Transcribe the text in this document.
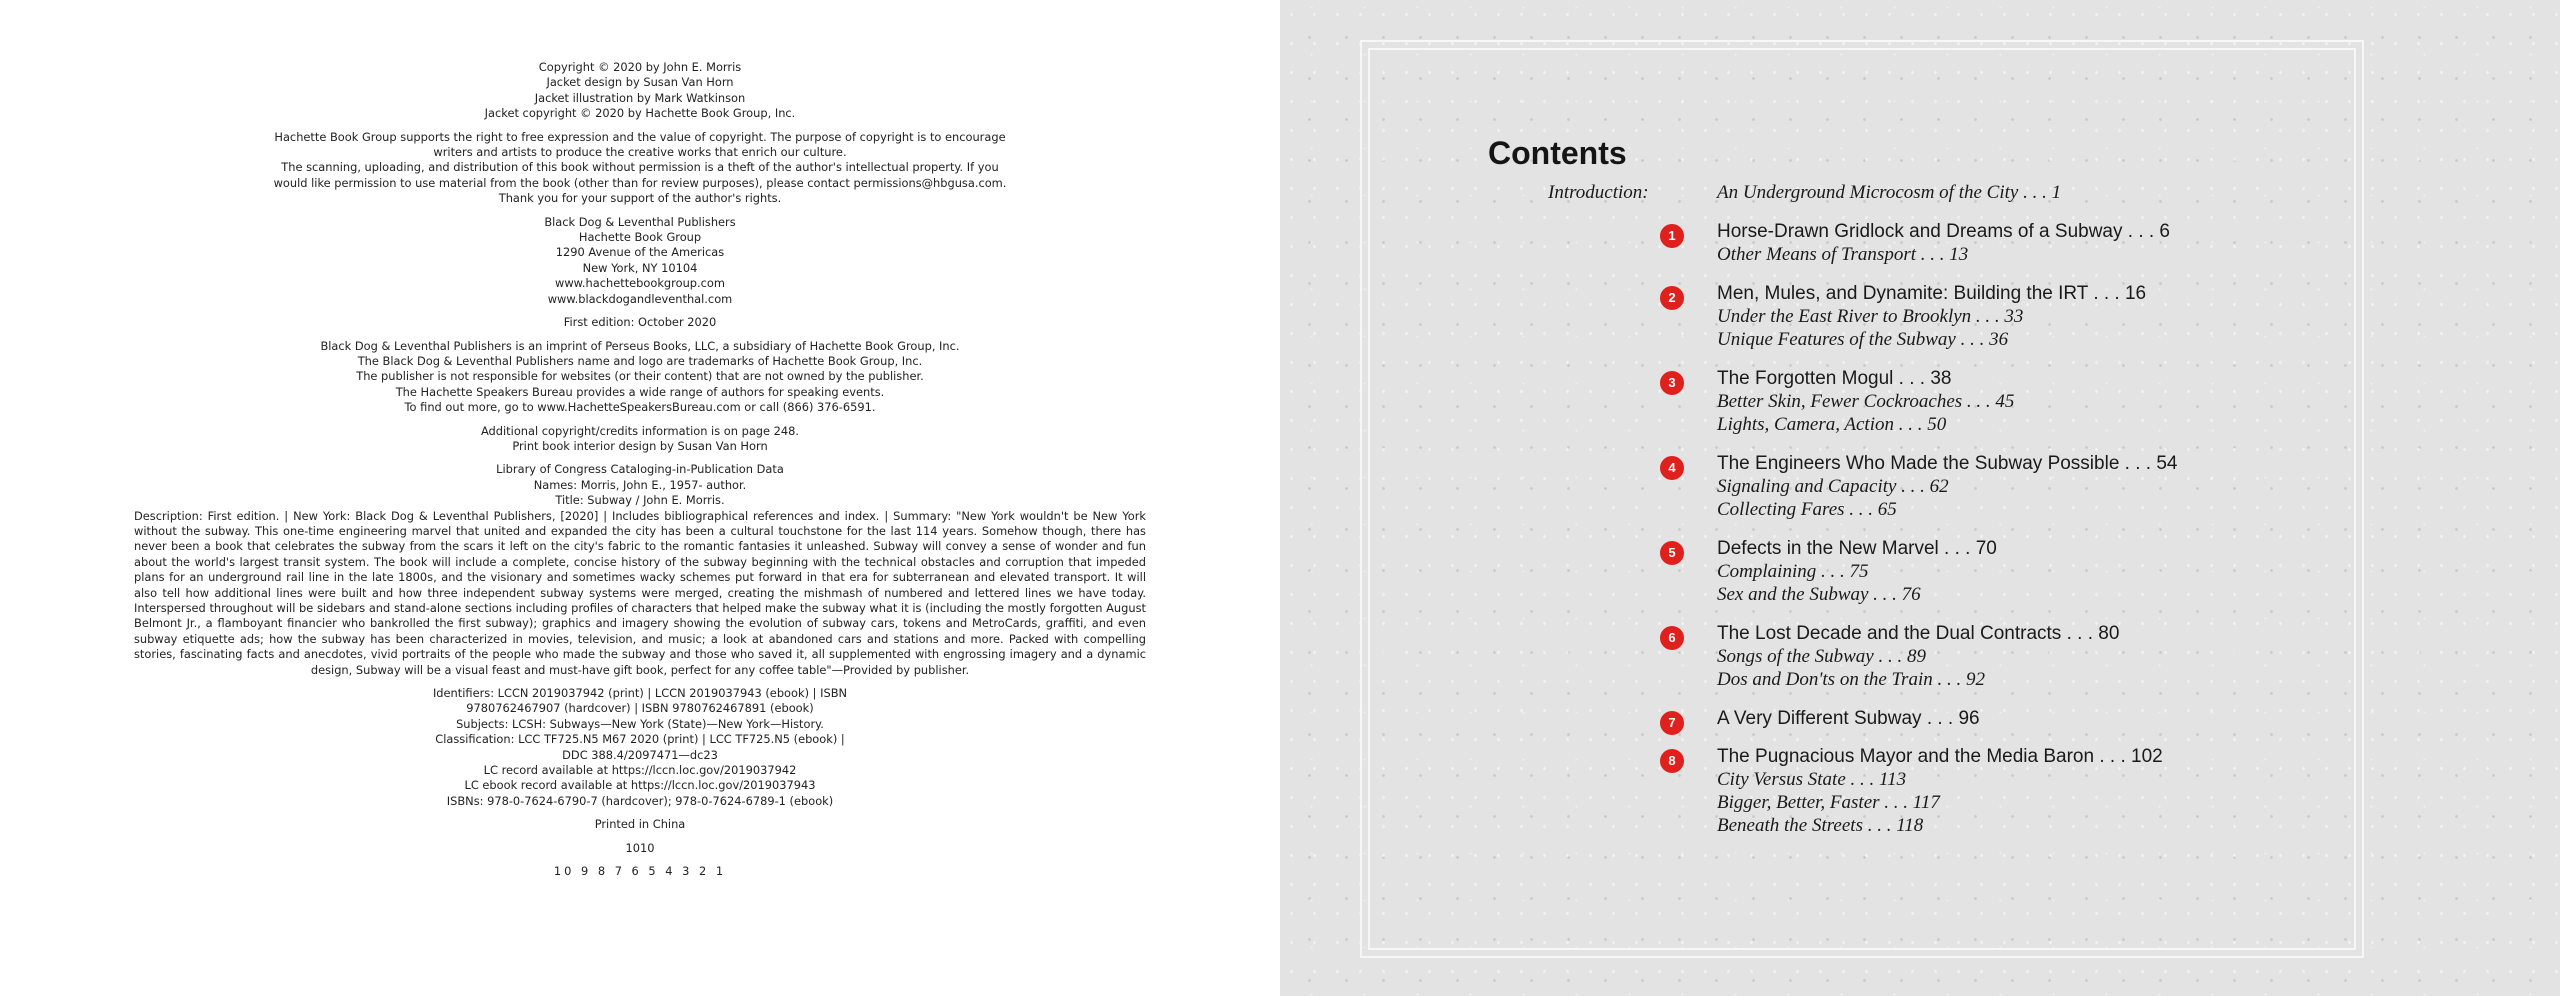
Copyright © 2020 by John E. Morris
Jacket design by Susan Van Horn
Jacket illustration by Mark Watkinson
Jacket copyright © 2020 by Hachette Book Group, Inc.
Hachette Book Group supports the right to free expression and the value of copyright. The purpose of copyright is to encourage
writers and artists to produce the creative works that enrich our culture.
The scanning, uploading, and distribution of this book without permission is a theft of the author's intellectual property. If you
would like permission to use material from the book (other than for review purposes), please contact permissions@hbgusa.com.
Thank you for your support of the author's rights.
Black Dog & Leventhal Publishers
Hachette Book Group
1290 Avenue of the Americas
New York, NY 10104
www.hachettebookgroup.com
www.blackdogandleventhal.com
First edition: October 2020
Black Dog & Leventhal Publishers is an imprint of Perseus Books, LLC, a subsidiary of Hachette Book Group, Inc.
The Black Dog & Leventhal Publishers name and logo are trademarks of Hachette Book Group, Inc.
The publisher is not responsible for websites (or their content) that are not owned by the publisher.
The Hachette Speakers Bureau provides a wide range of authors for speaking events.
To find out more, go to www.HachetteSpeakersBureau.com or call (866) 376-6591.
Additional copyright/credits information is on page 248.
Print book interior design by Susan Van Horn
Library of Congress Cataloging-in-Publication Data
Names: Morris, John E., 1957- author.
Title: Subway / John E. Morris.
Description: First edition. | New York: Black Dog & Leventhal Publishers, [2020] | Includes bibliographical references and index. | Summary: "New York wouldn't be New York without the subway. This one-time engineering marvel that united and expanded the city has been a cultural touchstone for the last 114 years. Somehow though, there has never been a book that celebrates the subway from the scars it left on the city's fabric to the romantic fantasies it unleashed. Subway will convey a sense of wonder and fun about the world's largest transit system. The book will include a complete, concise history of the subway beginning with the technical obstacles and corruption that impeded plans for an underground rail line in the late 1800s, and the visionary and sometimes wacky schemes put forward in that era for subterranean and elevated transport. It will also tell how additional lines were built and how three independent subway systems were merged, creating the mishmash of numbered and lettered lines we have today. Interspersed throughout will be sidebars and stand-alone sections including profiles of characters that helped make the subway what it is (including the mostly forgotten August Belmont Jr., a flamboyant financier who bankrolled the first subway); graphics and imagery showing the evolution of subway cars, tokens and MetroCards, graffiti, and even subway etiquette ads; how the subway has been characterized in movies, television, and music; a look at abandoned cars and stations and more. Packed with compelling stories, fascinating facts and anecdotes, vivid portraits of the people who made the subway and those who saved it, all supplemented with engrossing imagery and a dynamic design, Subway will be a visual feast and must-have gift book, perfect for any coffee table"—Provided by publisher.
Identifiers: LCCN 2019037942 (print) | LCCN 2019037943 (ebook) | ISBN
9780762467907 (hardcover) | ISBN 9780762467891 (ebook)
Subjects: LCSH: Subways—New York (State)—New York—History.
Classification: LCC TF725.N5 M67 2020 (print) | LCC TF725.N5 (ebook) |
DDC 388.4/2097471—dc23
LC record available at https://lccn.loc.gov/2019037942
LC ebook record available at https://lccn.loc.gov/2019037943
ISBNs: 978-0-7624-6790-7 (hardcover); 978-0-7624-6789-1 (ebook)
Printed in China
1010
10 9 8 7 6 5 4 3 2 1
Contents
Introduction:	An Underground Microcosm of the City . . . 1
1	Horse-Drawn Gridlock and Dreams of a Subway . . . 6
Other Means of Transport . . . 13
2	Men, Mules, and Dynamite: Building the IRT . . . 16
Under the East River to Brooklyn . . . 33
Unique Features of the Subway . . . 36
3	The Forgotten Mogul . . . 38
Better Skin, Fewer Cockroaches . . . 45
Lights, Camera, Action . . . 50
4	The Engineers Who Made the Subway Possible . . . 54
Signaling and Capacity . . . 62
Collecting Fares . . . 65
5	Defects in the New Marvel . . . 70
Complaining . . . 75
Sex and the Subway . . . 76
6	The Lost Decade and the Dual Contracts . . . 80
Songs of the Subway . . . 89
Dos and Don'ts on the Train . . . 92
7	A Very Different Subway . . . 96
8	The Pugnacious Mayor and the Media Baron . . . 102
City Versus State . . . 113
Bigger, Better, Faster . . . 117
Beneath the Streets . . . 118
